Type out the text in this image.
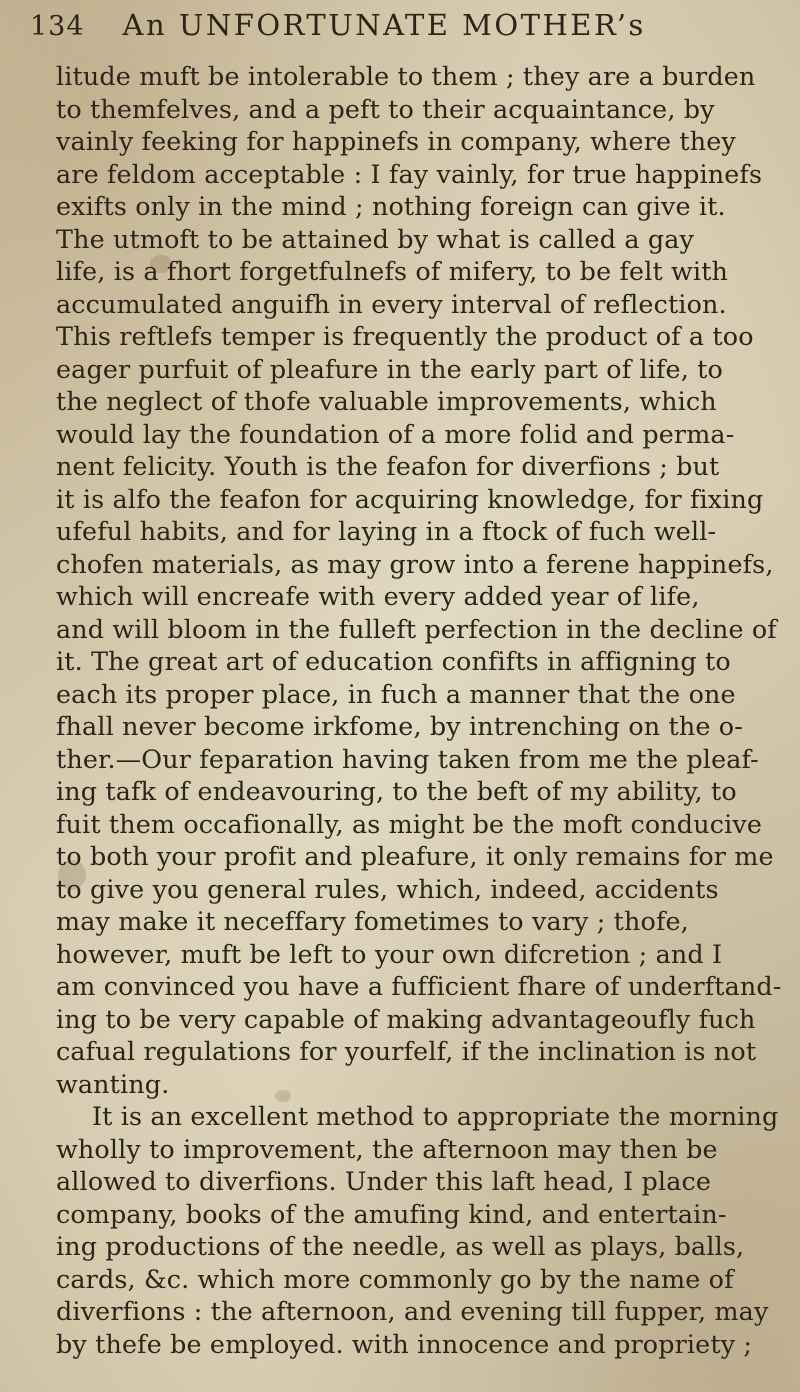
134 An UNFORTUNATE MOTHER’s
litude muft be intolerable to them ; they are a burden
to themfelves, and a peft to their acquaintance, by
vainly feeking for happinefs in company, where they
are feldom acceptable : I fay vainly, for true happinefs
exifts only in the mind ; nothing foreign can give it.
The utmoft to be attained by what is called a gay
life, is a fhort forgetfulnefs of mifery, to be felt with
accumulated anguifh in every interval of reflection.
This reftlefs temper is frequently the product of a too
eager purfuit of pleafure in the early part of life, to
the neglect of thofe valuable improvements, which
would lay the foundation of a more folid and perma-
nent felicity. Youth is the feafon for diverfions ; but
it is alfo the feafon for acquiring knowledge, for fixing
ufeful habits, and for laying in a ftock of fuch well-
chofen materials, as may grow into a ferene happinefs,
which will encreafe with every added year of life,
and will bloom in the fulleft perfection in the decline of
it. The great art of education confifts in affigning to
each its proper place, in fuch a manner that the one
fhall never become irkfome, by intrenching on the o-
ther.—Our feparation having taken from me the pleaf-
ing tafk of endeavouring, to the beft of my ability, to
fuit them occafionally, as might be the moft conducive
to both your profit and pleafure, it only remains for me
to give you general rules, which, indeed, accidents
may make it neceffary fometimes to vary ; thofe,
however, muft be left to your own difcretion ; and I
am convinced you have a fufficient fhare of underftand-
ing to be very capable of making advantageoufly fuch
cafual regulations for yourfelf, if the inclination is not
wanting.
It is an excellent method to appropriate the morning
wholly to improvement, the afternoon may then be
allowed to diverfions. Under this laft head, I place
company, books of the amufing kind, and entertain-
ing productions of the needle, as well as plays, balls,
cards, &c. which more commonly go by the name of
diverfions : the afternoon, and evening till fupper, may
by thefe be employed. with innocence and propriety ;
